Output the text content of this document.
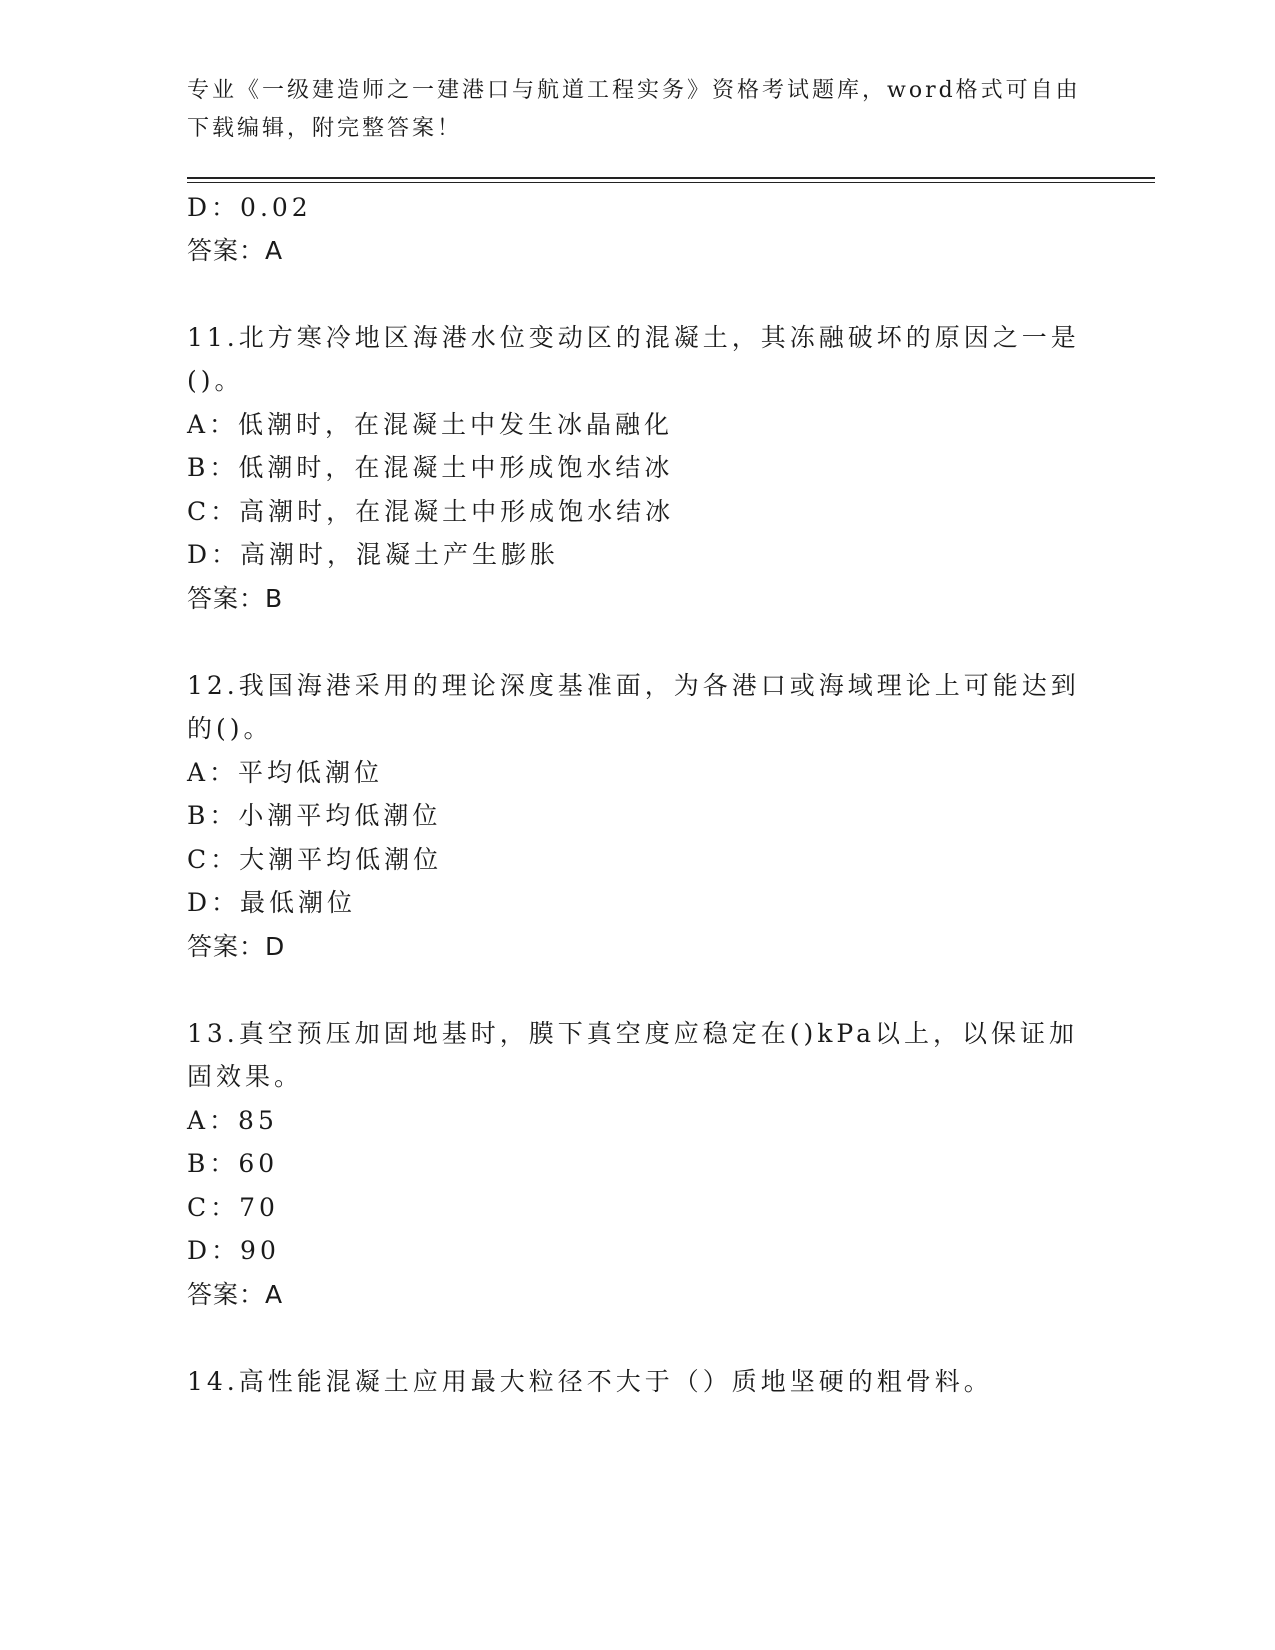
专业《一级建造师之一建港口与航道工程实务》资格考试题库，word格式可自由
下载编辑，附完整答案！

D：0.02

答案：A

11.北方寒冷地区海港水位变动区的混凝土，其冻融破坏的原因之一是

()。

A：低潮时，在混凝土中发生冰晶融化

B：低潮时，在混凝土中形成饱水结冰

C：高潮时，在混凝土中形成饱水结冰

D：高潮时，混凝土产生膨胀

答案：B

12.我国海港采用的理论深度基准面，为各港口或海域理论上可能达到

的()。

A：平均低潮位

B：小潮平均低潮位

C：大潮平均低潮位

D：最低潮位

答案：D

13.真空预压加固地基时，膜下真空度应稳定在()kPa以上，以保证加

固效果。

A：85

B：60

C：70

D：90

答案：A

14.高性能混凝土应用最大粒径不大于（）质地坚硬的粗骨料。
